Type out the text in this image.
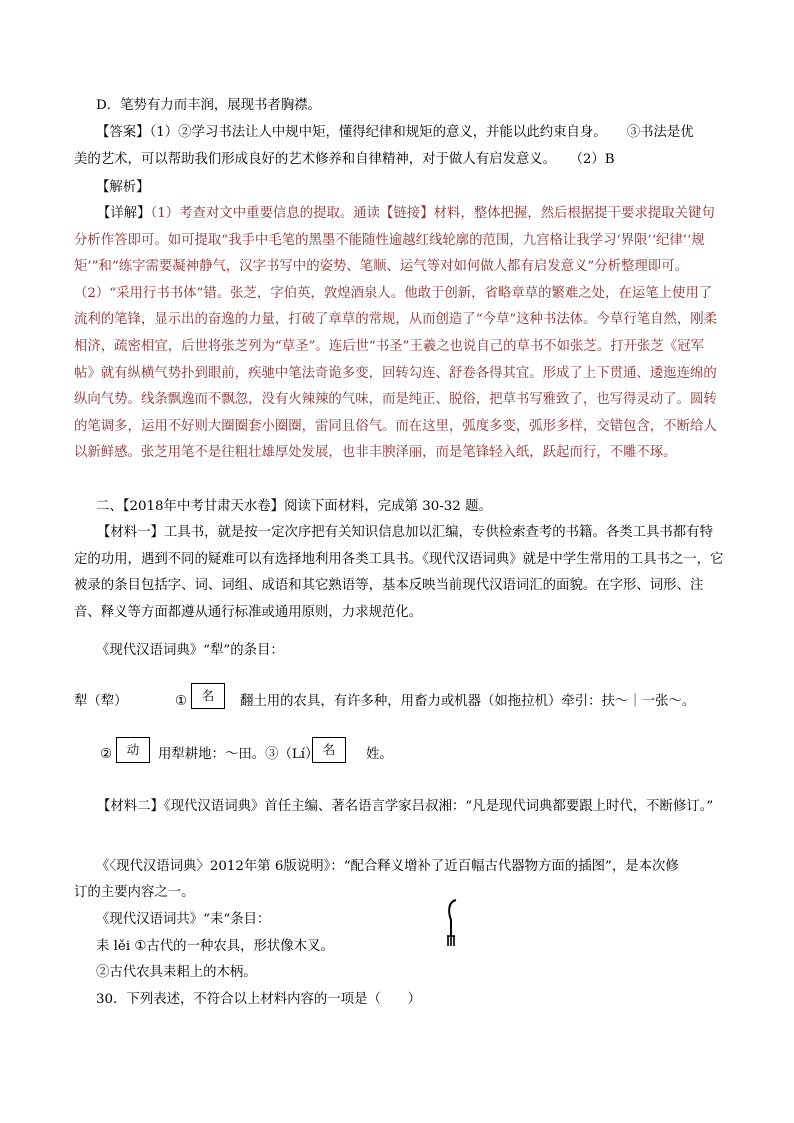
D．笔势有力而丰润，展现书者胸襟。
【答案】（1）②学习书法让人中规中矩，懂得纪律和规矩的意义，并能以此约束自身。　　③书法是优
美的艺术，可以帮助我们形成良好的艺术修养和自律精神，对于做人有启发意义。　　（2）B
【解析】
【详解】（1）考查对文中重要信息的提取。通读【链接】材料，整体把握，然后根据提干要求提取关键句分析作答即可。如可提取“我手中毛笔的黑墨不能随性逾越红线轮廓的范围，九宫格让我学习‘界限’‘纪律’‘规矩’”和“练字需要凝神静气，汉字书写中的姿势、笔顺、运气等对如何做人都有启发意义”分析整理即可。（2）“采用行书书体”错。张芝，字伯英，敦煌酒泉人。他敢于创新，省略章草的繁难之处，在运笔上使用了流利的笔锋，显示出的奋逸的力量，打破了章草的常规，从而创造了“今草”这种书法体。今草行笔自然，刚柔相济，疏密相宜，后世将张芝列为“草圣”。连后世“书圣”王羲之也说自己的草书不如张芝。打开张芝《冠军帖》就有纵横气势扑到眼前，疾驰中笔法奇诡多变，回转勾连、舒卷各得其宜。形成了上下贯通、逶迤连绵的纵向气势。线条飘逸而不飘忽，没有火辣辣的气味，而是纯正、脱俗，把草书写雅致了，也写得灵动了。圆转的笔调多，运用不好则大圈圈套小圈圈，雷同且俗气。而在这里，弧度多变，弧形多样，交错包含，不断给人以新鲜感。张芝用笔不是往粗壮雄厚处发展，也非丰腴泽丽，而是笔锋轻入纸，跃起而行，不雕不琢。
二、【2018年中考甘肃天水卷】阅读下面材料，完成第 30-32 题。
【材料一】工具书，就是按一定次序把有关知识信息加以汇编，专供检索查考的书籍。各类工具书都有特定的功用，遇到不同的疑难可以有选择地利用各类工具书。《现代汉语词典》就是中学生常用的工具书之一，它被录的条目包括字、词、词组、成语和其它熟语等，基本反映当前现代汉语词汇的面貌。在字形、词形、注音、释义等方面都遵从通行标准或通用原则，力求规范化。
《现代汉语词典》“犁”的条目：
犁（犂）	①	名	翻土用的农具，有许多种，用畜力或机器（如拖拉机）牵引：扶～｜一张～。
②	动	用犁耕地：～田。③（Lí） 名	姓。
【材料二】《现代汉语词典》首任主编、著名语言学家吕叔湘：“凡是现代词典都要跟上时代，不断修订。”
《〈现代汉语词典〉2012年第 6版说明》：“配合释义增补了近百幅古代器物方面的插图”，是本次修
订的主要内容之一。
《现代汉语词共》“耒“条目：
耒 lěi ①古代的一种农具，形状像木叉。
②古代农具耒耜上的木柄。
30．下列表述，不符合以上材料内容的一项是（　　）
